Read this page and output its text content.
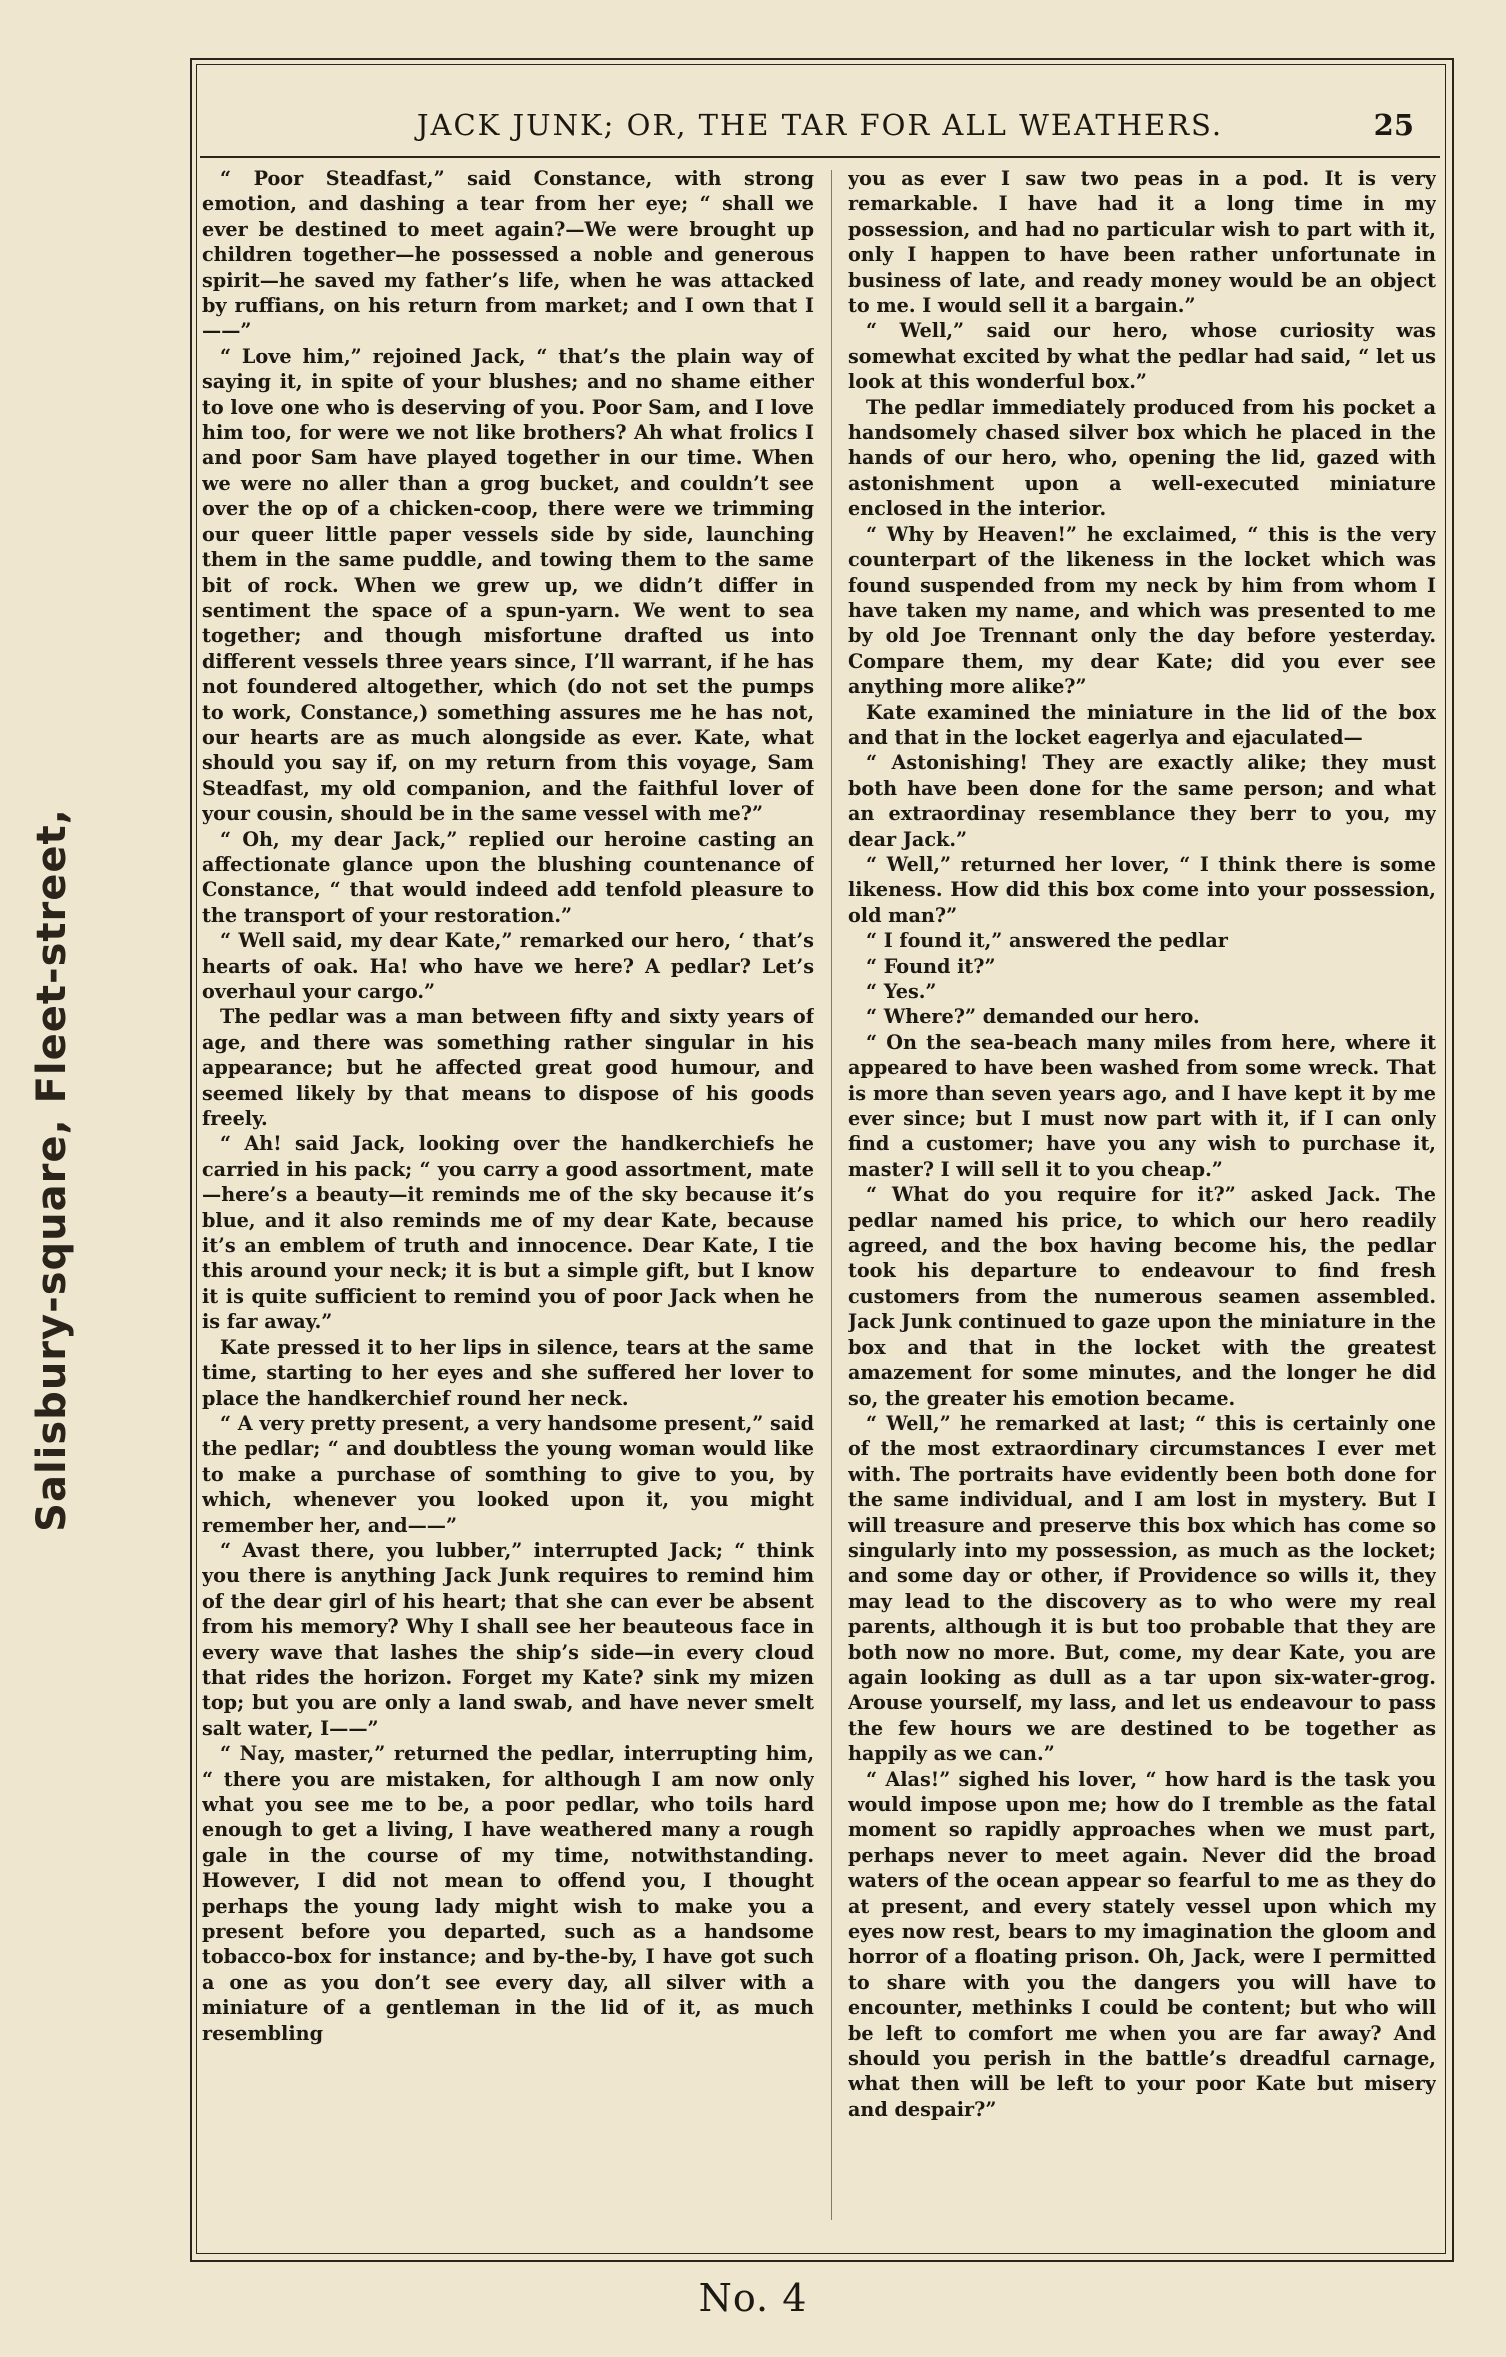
Salisbury-square, Fleet-street,
JACK JUNK; OR, THE TAR FOR ALL WEATHERS.	25

“ Poor Steadfast,” said Constance, with strong emotion, and dashing a tear from her eye; “ shall we ever be destined to meet again?—We were brought up children together—he possessed a noble and generous spirit—he saved my father’s life, when he was attacked by ruffians, on his return from market; and I own that I——”

“ Love him,” rejoined Jack, “ that’s the plain way of saying it, in spite of your blushes; and no shame either to love one who is deserving of you. Poor Sam, and I love him too, for were we not like brothers? Ah what frolics I and poor Sam have played together in our time. When we were no aller than a grog bucket, and couldn’t see over the op of a chicken-coop, there were we trimming our queer little paper vessels side by side, launching them in the same puddle, and towing them to the same bit of rock. When we grew up, we didn’t differ in sentiment the space of a spun-yarn. We went to sea together; and though misfortune drafted us into different vessels three years since, I’ll warrant, if he has not foundered altogether, which (do not set the pumps to work, Constance,) something assures me he has not, our hearts are as much alongside as ever. Kate, what should you say if, on my return from this voyage, Sam Steadfast, my old companion, and the faithful lover of your cousin, should be in the same vessel with me?”

“ Oh, my dear Jack,” replied our heroine casting an affectionate glance upon the blushing countenance of Constance, “ that would indeed add tenfold pleasure to the transport of your restoration.”

“ Well said, my dear Kate,” remarked our hero, ‘ that’s hearts of oak. Ha! who have we here? A pedlar? Let’s overhaul your cargo.”

The pedlar was a man between fifty and sixty years of age, and there was something rather singular in his appearance; but he affected great good humour, and seemed likely by that means to dispose of his goods freely.

“ Ah! said Jack, looking over the handkerchiefs he carried in his pack; “ you carry a good assortment, mate—here’s a beauty—it reminds me of the sky because it’s blue, and it also reminds me of my dear Kate, because it’s an emblem of truth and innocence. Dear Kate, I tie this around your neck; it is but a simple gift, but I know it is quite sufficient to remind you of poor Jack when he is far away.”

Kate pressed it to her lips in silence, tears at the same time, starting to her eyes and she suffered her lover to place the handkerchief round her neck.

“ A very pretty present, a very handsome present,” said the pedlar; “ and doubtless the young woman would like to make a purchase of somthing to give to you, by which, whenever you looked upon it, you might remember her, and——”

“ Avast there, you lubber,” interrupted Jack; “ think you there is anything Jack Junk requires to remind him of the dear girl of his heart; that she can ever be absent from his memory? Why I shall see her beauteous face in every wave that lashes the ship’s side—in every cloud that rides the horizon. Forget my Kate? sink my mizen top; but you are only a land swab, and have never smelt salt water, I——”

“ Nay, master,” returned the pedlar, interrupting him, “ there you are mistaken, for although I am now only what you see me to be, a poor pedlar, who toils hard enough to get a living, I have weathered many a rough gale in the course of my time, notwithstanding. However, I did not mean to offend you, I thought perhaps the young lady might wish to make you a present before you departed, such as a handsome tobacco-box for instance; and by-the-by, I have got such a one as you don’t see every day, all silver with a miniature of a gentleman in the lid of it, as much resembling

you as ever I saw two peas in a pod. It is very remarkable. I have had it a long time in my possession, and had no particular wish to part with it, only I happen to have been rather unfortunate in business of late, and ready money would be an object to me. I would sell it a bargain.”

“ Well,” said our hero, whose curiosity was somewhat excited by what the pedlar had said, “ let us look at this wonderful box.”

The pedlar immediately produced from his pocket a handsomely chased silver box which he placed in the hands of our hero, who, opening the lid, gazed with astonishment upon a well-executed miniature enclosed in the interior.

“ Why by Heaven!” he exclaimed, “ this is the very counterpart of the likeness in the locket which was found suspended from my neck by him from whom I have taken my name, and which was presented to me by old Joe Trennant only the day before yesterday. Compare them, my dear Kate; did you ever see anything more alike?”

Kate examined the miniature in the lid of the box and that in the locket eagerlya and ejaculated—

“ Astonishing! They are exactly alike; they must both have been done for the same person; and what an extraordinay resemblance they berr to you, my dear Jack.”

“ Well,” returned her lover, “ I think there is some likeness. How did this box come into your possession, old man?”

“ I found it,” answered the pedlar

“ Found it?”

“ Yes.”

“ Where?” demanded our hero.

“ On the sea-beach many miles from here, where it appeared to have been washed from some wreck. That is more than seven years ago, and I have kept it by me ever since; but I must now part with it, if I can only find a customer; have you any wish to purchase it, master? I will sell it to you cheap.”

“ What do you require for it?” asked Jack. The pedlar named his price, to which our hero readily agreed, and the box having become his, the pedlar took his departure to endeavour to find fresh customers from the numerous seamen assembled. Jack Junk continued to gaze upon the miniature in the box and that in the locket with the greatest amazement for some minutes, and the longer he did so, the greater his emotion became.

“ Well,” he remarked at last; “ this is certainly one of the most extraordinary circumstances I ever met with. The portraits have evidently been both done for the same individual, and I am lost in mystery. But I will treasure and preserve this box which has come so singularly into my possession, as much as the locket; and some day or other, if Providence so wills it, they may lead to the discovery as to who were my real parents, although it is but too probable that they are both now no more. But, come, my dear Kate, you are again looking as dull as a tar upon six-water-grog. Arouse yourself, my lass, and let us endeavour to pass the few hours we are destined to be together as happily as we can.”

“ Alas!” sighed his lover, “ how hard is the task you would impose upon me; how do I tremble as the fatal moment so rapidly approaches when we must part, perhaps never to meet again. Never did the broad waters of the ocean appear so fearful to me as they do at present, and every stately vessel upon which my eyes now rest, bears to my imagination the gloom and horror of a floating prison. Oh, Jack, were I permitted to share with you the dangers you will have to encounter, methinks I could be content; but who will be left to comfort me when you are far away? And should you perish in the battle’s dreadful carnage, what then will be left to your poor Kate but misery and despair?”

No. 4
